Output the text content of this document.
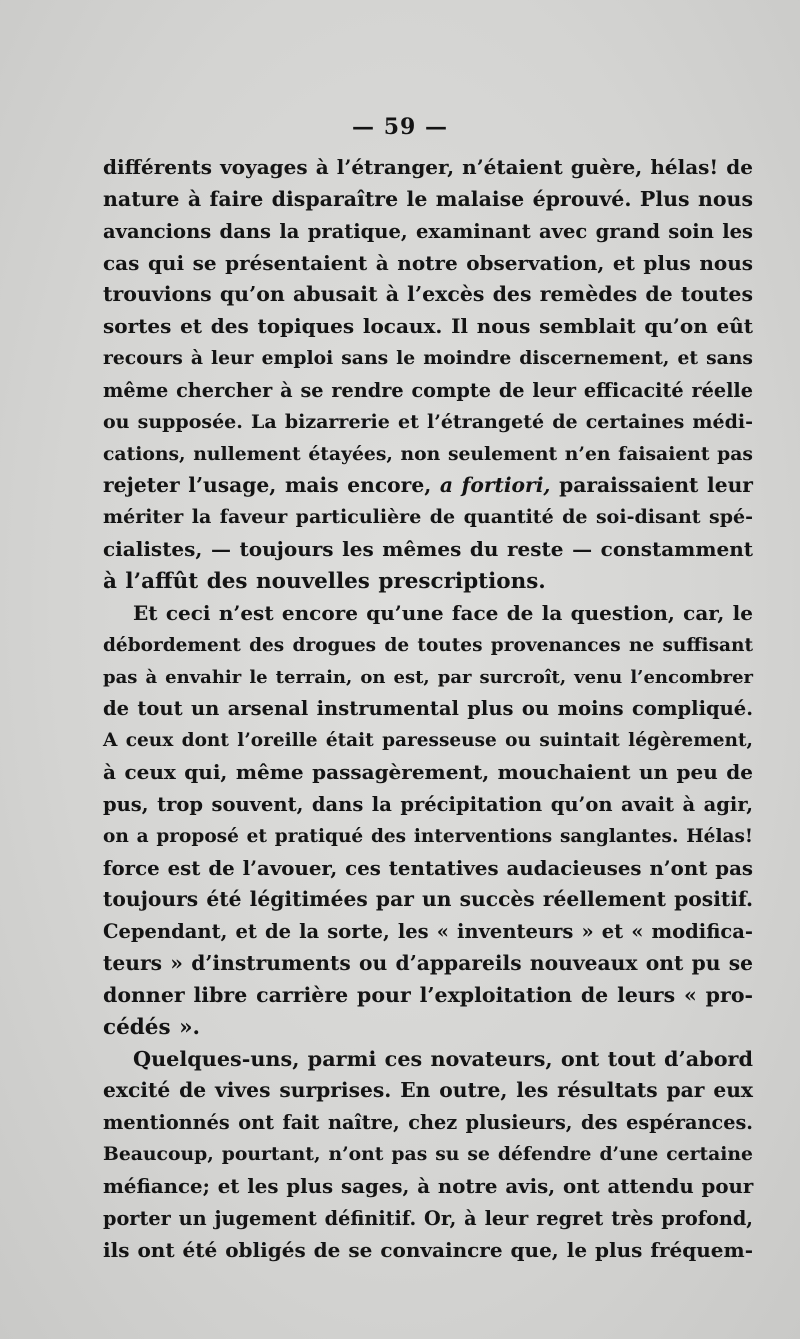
— 59 —
différents voyages à l’étranger, n’étaient guère, hélas! de
nature à faire disparaître le malaise éprouvé. Plus nous
avancions dans la pratique, examinant avec grand soin les
cas qui se présentaient à notre observation, et plus nous
trouvions qu’on abusait à l’excès des remèdes de toutes
sortes et des topiques locaux. Il nous semblait qu’on eût
recours à leur emploi sans le moindre discernement, et sans
même chercher à se rendre compte de leur efficacité réelle
ou supposée. La bizarrerie et l’étrangeté de certaines médi-
cations, nullement étayées, non seulement n’en faisaient pas
rejeter l’usage, mais encore, a fortiori, paraissaient leur
mériter la faveur particulière de quantité de soi-disant spé-
cialistes, — toujours les mêmes du reste — constamment
à l’affût des nouvelles prescriptions.
Et ceci n’est encore qu’une face de la question, car, le
débordement des drogues de toutes provenances ne suffisant
pas à envahir le terrain, on est, par surcroît, venu l’encombrer
de tout un arsenal instrumental plus ou moins compliqué.
A ceux dont l’oreille était paresseuse ou suintait légèrement,
à ceux qui, même passagèrement, mouchaient un peu de
pus, trop souvent, dans la précipitation qu’on avait à agir,
on a proposé et pratiqué des interventions sanglantes. Hélas!
force est de l’avouer, ces tentatives audacieuses n’ont pas
toujours été légitimées par un succès réellement positif.
Cependant, et de la sorte, les « inventeurs » et « modifica-
teurs » d’instruments ou d’appareils nouveaux ont pu se
donner libre carrière pour l’exploitation de leurs « pro-
cédés ».
Quelques-uns, parmi ces novateurs, ont tout d’abord
excité de vives surprises. En outre, les résultats par eux
mentionnés ont fait naître, chez plusieurs, des espérances.
Beaucoup, pourtant, n’ont pas su se défendre d’une certaine
méfiance; et les plus sages, à notre avis, ont attendu pour
porter un jugement définitif. Or, à leur regret très profond,
ils ont été obligés de se convaincre que, le plus fréquem-
